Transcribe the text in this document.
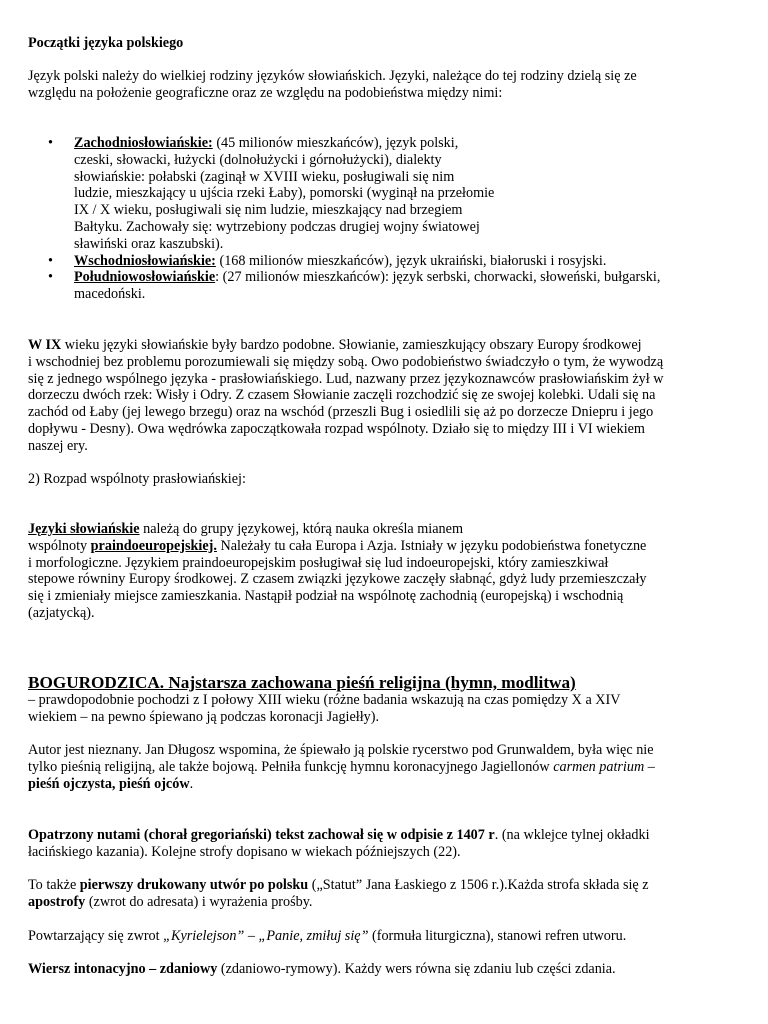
Początki języka polskiego
Język polski należy do wielkiej rodziny języków słowiańskich. Języki, należące do tej rodziny dzielą się ze
względu na położenie geograficzne oraz ze względu na podobieństwa między nimi:
• Zachodniosłowiańskie: (45 milionów mieszkańców), język polski,
czeski, słowacki, łużycki (dolnołużycki i górnołużycki), dialekty
słowiańskie: połabski (zaginął w XVIII wieku, posługiwali się nim
ludzie, mieszkający u ujścia rzeki Łaby), pomorski (wyginął na przełomie
IX / X wieku, posługiwali się nim ludzie, mieszkający nad brzegiem
Bałtyku. Zachowały się: wytrzebiony podczas drugiej wojny światowej
sławiński oraz kaszubski).
• Wschodniosłowiańskie: (168 milionów mieszkańców), język ukraiński, białoruski i rosyjski.
• Południowosłowiańskie: (27 milionów mieszkańców): język serbski, chorwacki, słoweński, bułgarski,
macedoński.
W IX wieku języki słowiańskie były bardzo podobne. Słowianie, zamieszkujący obszary Europy środkowej
i wschodniej bez problemu porozumiewali się między sobą. Owo podobieństwo świadczyło o tym, że wywodzą
się z jednego wspólnego języka - prasłowiańskiego. Lud, nazwany przez językoznawców prasłowiańskim żył w
dorzeczu dwóch rzek: Wisły i Odry. Z czasem Słowianie zaczęli rozchodzić się ze swojej kolebki. Udali się na
zachód od Łaby (jej lewego brzegu) oraz na wschód (przeszli Bug i osiedlili się aż po dorzecze Dniepru i jego
dopływu - Desny). Owa wędrówka zapoczątkowała rozpad wspólnoty. Działo się to między III i VI wiekiem
naszej ery.
2) Rozpad wspólnoty prasłowiańskiej:
Języki słowiańskie należą do grupy językowej, którą nauka określa mianem
wspólnoty praindoeuropejskiej. Należały tu cała Europa i Azja. Istniały w języku podobieństwa fonetyczne
i morfologiczne. Językiem praindoeuropejskim posługiwał się lud indoeuropejski, który zamieszkiwał
stepowe równiny Europy środkowej. Z czasem związki językowe zaczęły słabnąć, gdyż ludy przemieszczały
się i zmieniały miejsce zamieszkania. Nastąpił podział na wspólnotę zachodnią (europejską) i wschodnią
(azjatycką).
BOGURODZICA. Najstarsza zachowana pieśń religijna (hymn, modlitwa)
– prawdopodobnie pochodzi z I połowy XIII wieku (różne badania wskazują na czas pomiędzy X a XIV
wiekiem – na pewno śpiewano ją podczas koronacji Jagiełły).
Autor jest nieznany. Jan Długosz wspomina, że śpiewało ją polskie rycerstwo pod Grunwaldem, była więc nie
tylko pieśnią religijną, ale także bojową. Pełniła funkcję hymnu koronacyjnego Jagiellonów carmen patrium –
pieśń ojczysta, pieśń ojców.
Opatrzony nutami (chorał gregoriański) tekst zachował się w odpisie z 1407 r. (na wklejce tylnej okładki
łacińskiego kazania). Kolejne strofy dopisano w wiekach późniejszych (22).
To także pierwszy drukowany utwór po polsku („Statut” Jana Łaskiego z 1506 r.).Każda strofa składa się z
apostrofy (zwrot do adresata) i wyrażenia prośby.
Powtarzający się zwrot „Kyrielejson” – „Panie, zmiłuj się” (formuła liturgiczna), stanowi refren utworu.
Wiersz intonacyjno – zdaniowy (zdaniowo-rymowy). Każdy wers równa się zdaniu lub części zdania.
